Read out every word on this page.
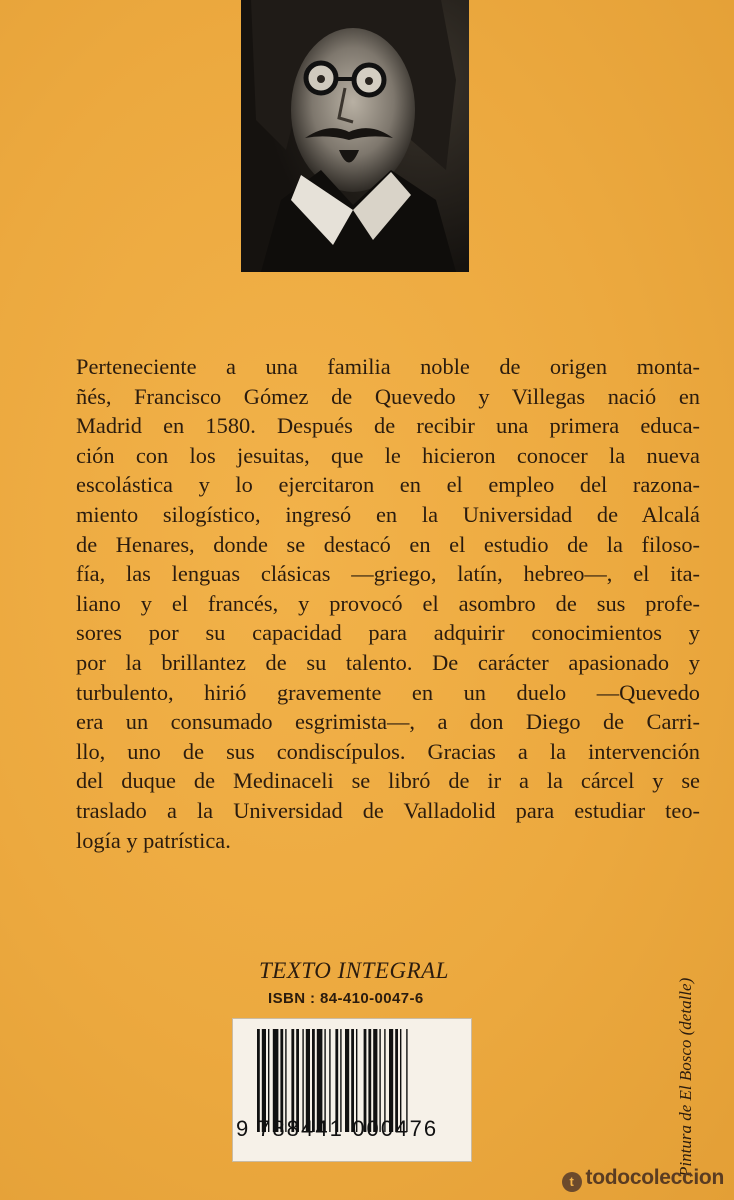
Perteneciente a una familia noble de origen monta-
ñés, Francisco Gómez de Quevedo y Villegas nació en
Madrid en 1580. Después de recibir una primera educa-
ción con los jesuitas, que le hicieron conocer la nueva
escolástica y lo ejercitaron en el empleo del razona-
miento silogístico, ingresó en la Universidad de Alcalá
de Henares, donde se destacó en el estudio de la filoso-
fía, las lenguas clásicas —griego, latín, hebreo—, el ita-
liano y el francés, y provocó el asombro de sus profe-
sores por su capacidad para adquirir conocimientos y
por la brillantez de su talento. De carácter apasionado y
turbulento, hirió gravemente en un duelo —Quevedo
era un consumado esgrimista—, a don Diego de Carri-
llo, uno de sus condiscípulos. Gracias a la intervención
del duque de Medinaceli se libró de ir a la cárcel y se
traslado a la Universidad de Valladolid para estudiar teo-
logía y patrística.

TEXTO INTEGRAL
ISBN : 84-410-0047-6
9 788441 000476	Pintura de El Bosco (detalle)
t todocoleccion
